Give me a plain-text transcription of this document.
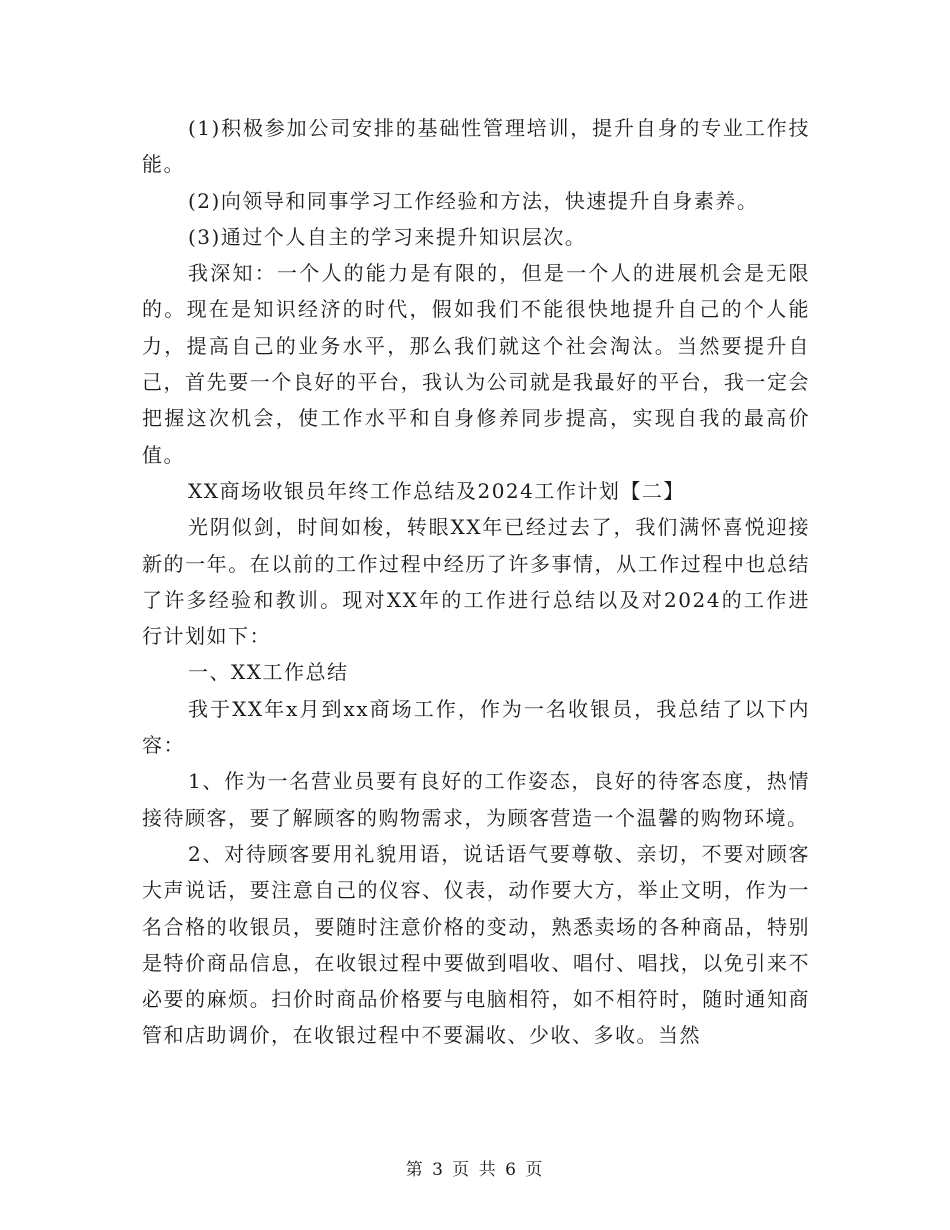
(1)积极参加公司安排的基础性管理培训，提升自身的专业工作技能。

(2)向领导和同事学习工作经验和方法，快速提升自身素养。

(3)通过个人自主的学习来提升知识层次。

我深知：一个人的能力是有限的，但是一个人的进展机会是无限的。现在是知识经济的时代，假如我们不能很快地提升自己的个人能力，提高自己的业务水平，那么我们就这个社会淘汰。当然要提升自己，首先要一个良好的平台，我认为公司就是我最好的平台，我一定会把握这次机会，使工作水平和自身修养同步提高，实现自我的最高价值。

XX商场收银员年终工作总结及2024工作计划【二】

光阴似剑，时间如梭，转眼XX年已经过去了，我们满怀喜悦迎接新的一年。在以前的工作过程中经历了许多事情，从工作过程中也总结了许多经验和教训。现对XX年的工作进行总结以及对2024的工作进行计划如下：

一、XX工作总结

我于XX年x月到xx商场工作，作为一名收银员，我总结了以下内容：

1、作为一名营业员要有良好的工作姿态，良好的待客态度，热情接待顾客，要了解顾客的购物需求，为顾客营造一个温馨的购物环境。

2、对待顾客要用礼貌用语，说话语气要尊敬、亲切，不要对顾客大声说话，要注意自己的仪容、仪表，动作要大方，举止文明，作为一名合格的收银员，要随时注意价格的变动，熟悉卖场的各种商品，特别是特价商品信息，在收银过程中要做到唱收、唱付、唱找，以免引来不必要的麻烦。扫价时商品价格要与电脑相符，如不相符时，随时通知商管和店助调价，在收银过程中不要漏收、少收、多收。当然

第 3 页 共 6 页
